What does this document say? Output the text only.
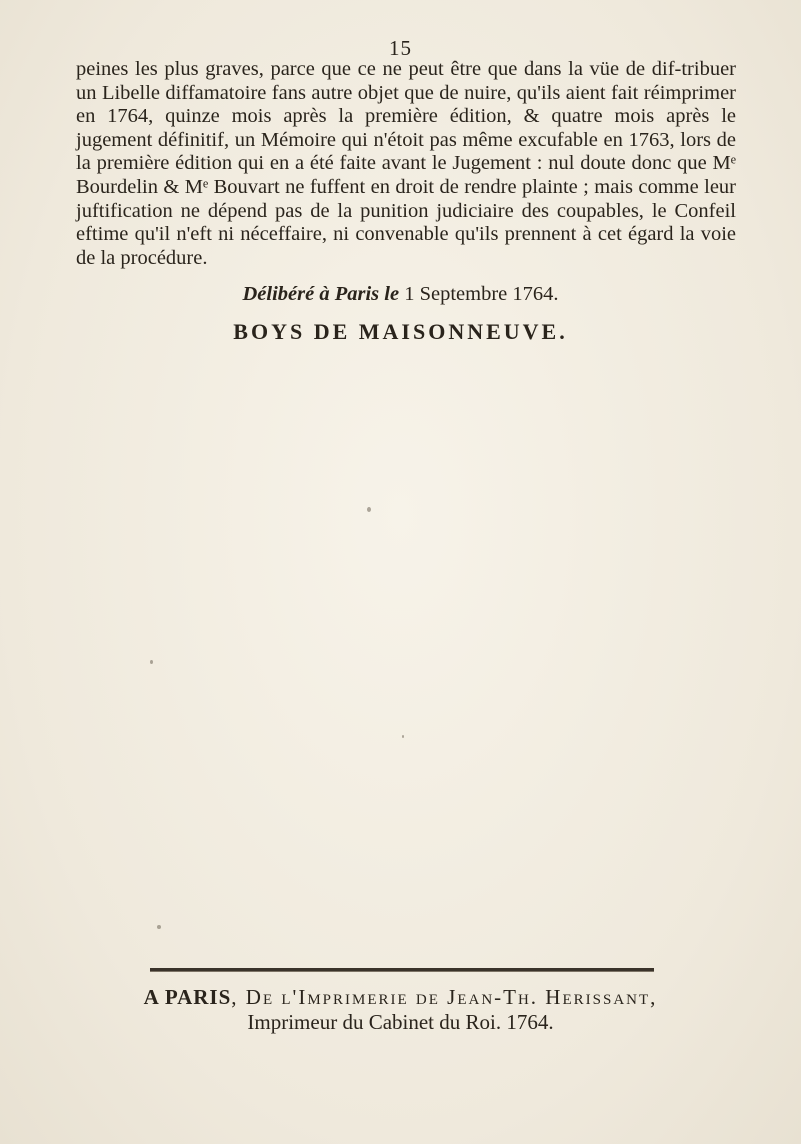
15

peines les plus graves, parce que ce ne peut être que dans la vüe de dif-tribuer un Libelle diffamatoire fans autre objet que de nuire, qu'ils aient fait réimprimer en 1764, quinze mois après la première édition, & quatre mois après le jugement définitif, un Mémoire qui n'étoit pas même excufable en 1763, lors de la première édition qui en a été faite avant le Jugement : nul doute donc que Mᵉ Bourdelin & Mᵉ Bouvart ne fuffent en droit de rendre plainte ; mais comme leur juftification ne dépend pas de la punition judiciaire des coupables, le Confeil eftime qu'il n'eft ni néceffaire, ni convenable qu'ils prennent à cet égard la voie de la procédure.

Délibéré à Paris le 1 Septembre 1764.
BOYS DE MAISONNEUVE.
A PARIS, De l'Imprimerie de Jean-Th. Herissant,
Imprimeur du Cabinet du Roi. 1764.
